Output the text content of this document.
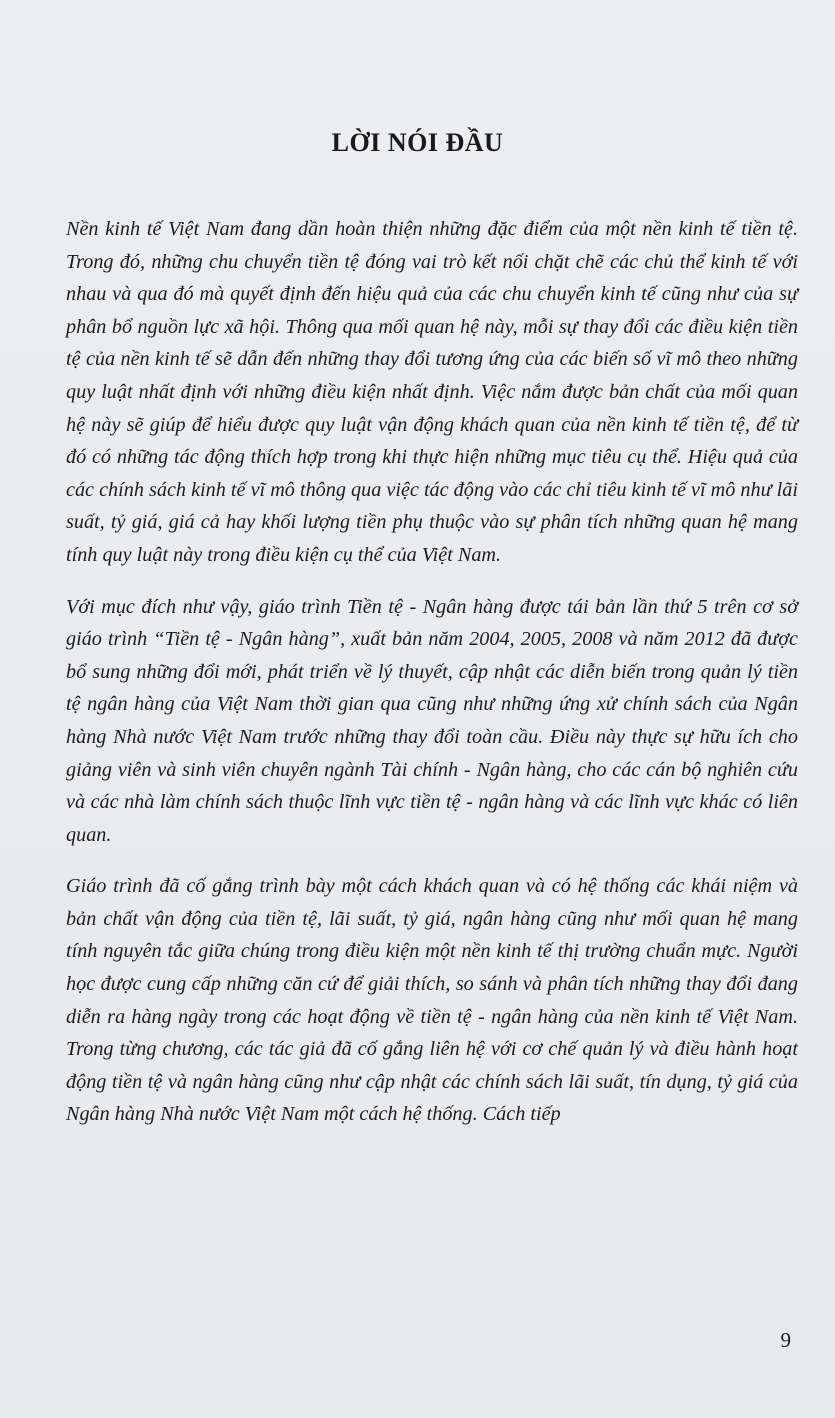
LỜI NÓI ĐẦU

Nền kinh tế Việt Nam đang dần hoàn thiện những đặc điểm của một nền kinh tế tiền tệ. Trong đó, những chu chuyển tiền tệ đóng vai trò kết nối chặt chẽ các chủ thể kinh tế với nhau và qua đó mà quyết định đến hiệu quả của các chu chuyển kinh tế cũng như của sự phân bổ nguồn lực xã hội. Thông qua mối quan hệ này, mỗi sự thay đổi các điều kiện tiền tệ của nền kinh tế sẽ dẫn đến những thay đổi tương ứng của các biến số vĩ mô theo những quy luật nhất định với những điều kiện nhất định. Việc nắm được bản chất của mối quan hệ này sẽ giúp để hiểu được quy luật vận động khách quan của nền kinh tế tiền tệ, để từ đó có những tác động thích hợp trong khi thực hiện những mục tiêu cụ thể. Hiệu quả của các chính sách kinh tế vĩ mô thông qua việc tác động vào các chỉ tiêu kinh tế vĩ mô như lãi suất, tỷ giá, giá cả hay khối lượng tiền phụ thuộc vào sự phân tích những quan hệ mang tính quy luật này trong điều kiện cụ thể của Việt Nam.

Với mục đích như vậy, giáo trình Tiền tệ - Ngân hàng được tái bản lần thứ 5 trên cơ sở giáo trình “Tiền tệ - Ngân hàng”, xuất bản năm 2004, 2005, 2008 và năm 2012 đã được bổ sung những đổi mới, phát triển về lý thuyết, cập nhật các diễn biến trong quản lý tiền tệ ngân hàng của Việt Nam thời gian qua cũng như những ứng xử chính sách của Ngân hàng Nhà nước Việt Nam trước những thay đổi toàn cầu. Điều này thực sự hữu ích cho giảng viên và sinh viên chuyên ngành Tài chính - Ngân hàng, cho các cán bộ nghiên cứu và các nhà làm chính sách thuộc lĩnh vực tiền tệ - ngân hàng và các lĩnh vực khác có liên quan.

Giáo trình đã cố gắng trình bày một cách khách quan và có hệ thống các khái niệm và bản chất vận động của tiền tệ, lãi suất, tỷ giá, ngân hàng cũng như mối quan hệ mang tính nguyên tắc giữa chúng trong điều kiện một nền kinh tế thị trường chuẩn mực. Người học được cung cấp những căn cứ để giải thích, so sánh và phân tích những thay đổi đang diễn ra hàng ngày trong các hoạt động về tiền tệ - ngân hàng của nền kinh tế Việt Nam. Trong từng chương, các tác giả đã cố gắng liên hệ với cơ chế quản lý và điều hành hoạt động tiền tệ và ngân hàng cũng như cập nhật các chính sách lãi suất, tín dụng, tỷ giá của Ngân hàng Nhà nước Việt Nam một cách hệ thống. Cách tiếp

9
